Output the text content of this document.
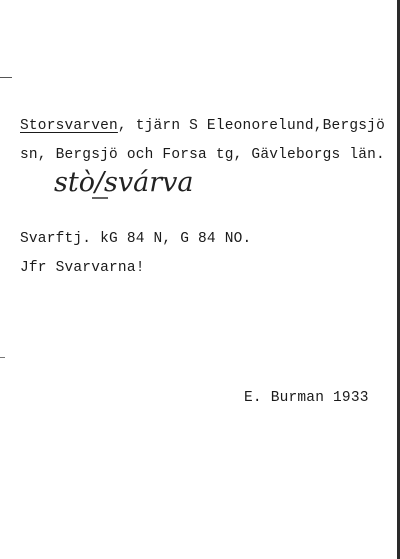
Storsvarven, tjärn S Eleonorelund,Bergsjö
sn, Bergsjö och Forsa tg, Gävleborgs län.
stò/svárva
Svarftj. kG 84 N, G 84 NO.
Jfr Svarvarna!
E. Burman 1933
